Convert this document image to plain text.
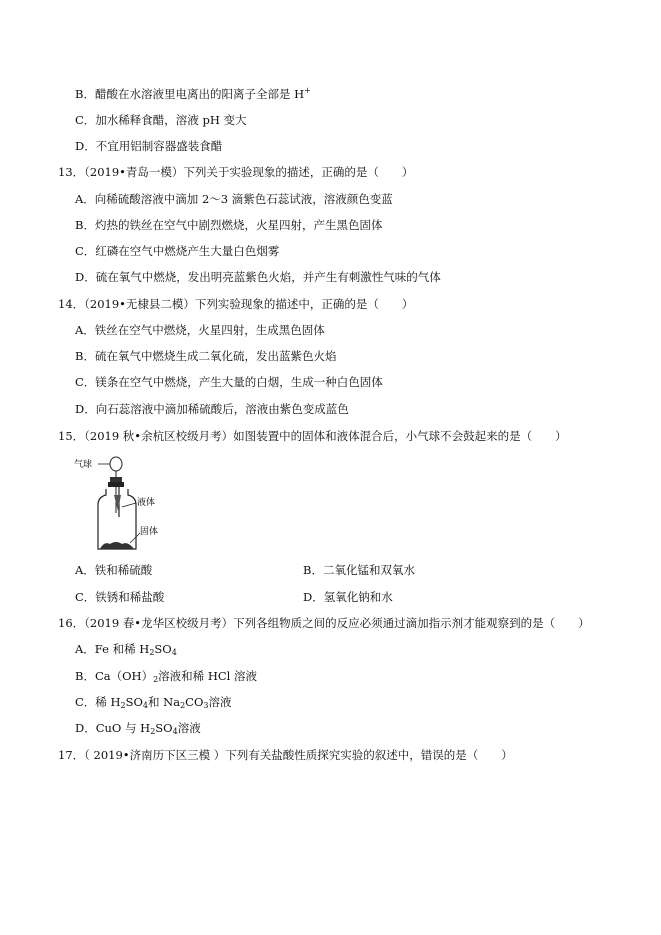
B．醋酸在水溶液里电离出的阳离子全部是 H+
C．加水稀释食醋，溶液 pH 变大
D．不宜用铝制容器盛装食醋
13．（2019•青岛一模）下列关于实验现象的描述，正确的是（　　）
A．向稀硫酸溶液中滴加 2～3 滴紫色石蕊试液，溶液颜色变蓝
B．灼热的铁丝在空气中剧烈燃烧，火星四射，产生黑色固体
C．红磷在空气中燃烧产生大量白色烟雾
D．硫在氧气中燃烧，发出明亮蓝紫色火焰，并产生有刺激性气味的气体
14．（2019•无棣县二模）下列实验现象的描述中，正确的是（　　）
A．铁丝在空气中燃烧，火星四射，生成黑色固体
B．硫在氧气中燃烧生成二氧化硫，发出蓝紫色火焰
C．镁条在空气中燃烧，产生大量的白烟，生成一种白色固体
D．向石蕊溶液中滴加稀硫酸后，溶液由紫色变成蓝色
15．（2019 秋•余杭区校级月考）如图装置中的固体和液体混合后，小气球不会鼓起来的是（　　）
气球
液体
固体
A．铁和稀硫酸	B．二氧化锰和双氧水
C．铁锈和稀盐酸	D．氢氧化钠和水
16．（2019 春•龙华区校级月考）下列各组物质之间的反应必须通过滴加指示剂才能观察到的是（　　）
A．Fe 和稀 $H_2SO_4$
B．$Ca(OH)_2$溶液和稀 HCl 溶液
C．稀 $H_2SO_4$和 $Na_2CO_3$溶液
D．CuO 与 $H_2SO_4$溶液
17．（ 2019•济南历下区三模 ）下列有关盐酸性质探究实验的叙述中，错误的是（　　）
